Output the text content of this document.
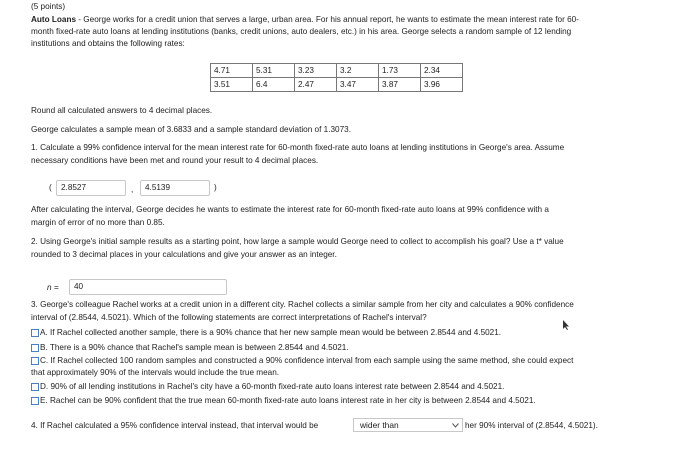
(5 points)
Auto Loans - George works for a credit union that serves a large, urban area. For his annual report, he wants to estimate the mean interest rate for 60-
month fixed-rate auto loans at lending institutions (banks, credit unions, auto dealers, etc.) in his area. George selects a random sample of 12 lending
institutions and obtains the following rates:
4.71	5.31	3.23	3.2	1.73	2.34
3.51	6.4	2.47	3.47	3.87	3.96
Round all calculated answers to 4 decimal places.
George calculates a sample mean of 3.6833 and a sample standard deviation of 1.3073.
1. Calculate a 99% confidence interval for the mean interest rate for 60-month fixed-rate auto loans at lending institutions in George's area. Assume
necessary conditions have been met and round your result to 4 decimal places.
(	2.8527	,	4.5139	)
After calculating the interval, George decides he wants to estimate the interest rate for 60-month fixed-rate auto loans at 99% confidence with a
margin of error of no more than 0.85.
2. Using George's initial sample results as a starting point, how large a sample would George need to collect to accomplish his goal? Use a t* value
rounded to 3 decimal places in your calculations and give your answer as an integer.
n =	40
3. George's colleague Rachel works at a credit union in a different city. Rachel collects a similar sample from her city and calculates a 90% confidence
interval of (2.8544, 4.5021). Which of the following statements are correct interpretations of Rachel's interval?
A. If Rachel collected another sample, there is a 90% chance that her new sample mean would be between 2.8544 and 4.5021.
B. There is a 90% chance that Rachel's sample mean is between 2.8544 and 4.5021.
C. If Rachel collected 100 random samples and constructed a 90% confidence interval from each sample using the same method, she could expect
that approximately 90% of the intervals would include the true mean.
D. 90% of all lending institutions in Rachel's city have a 60-month fixed-rate auto loans interest rate between 2.8544 and 4.5021.
E. Rachel can be 90% confident that the true mean 60-month fixed-rate auto loans interest rate in her city is between 2.8544 and 4.5021.
4. If Rachel calculated a 95% confidence interval instead, that interval would be	wider than	her 90% interval of (2.8544, 4.5021).
